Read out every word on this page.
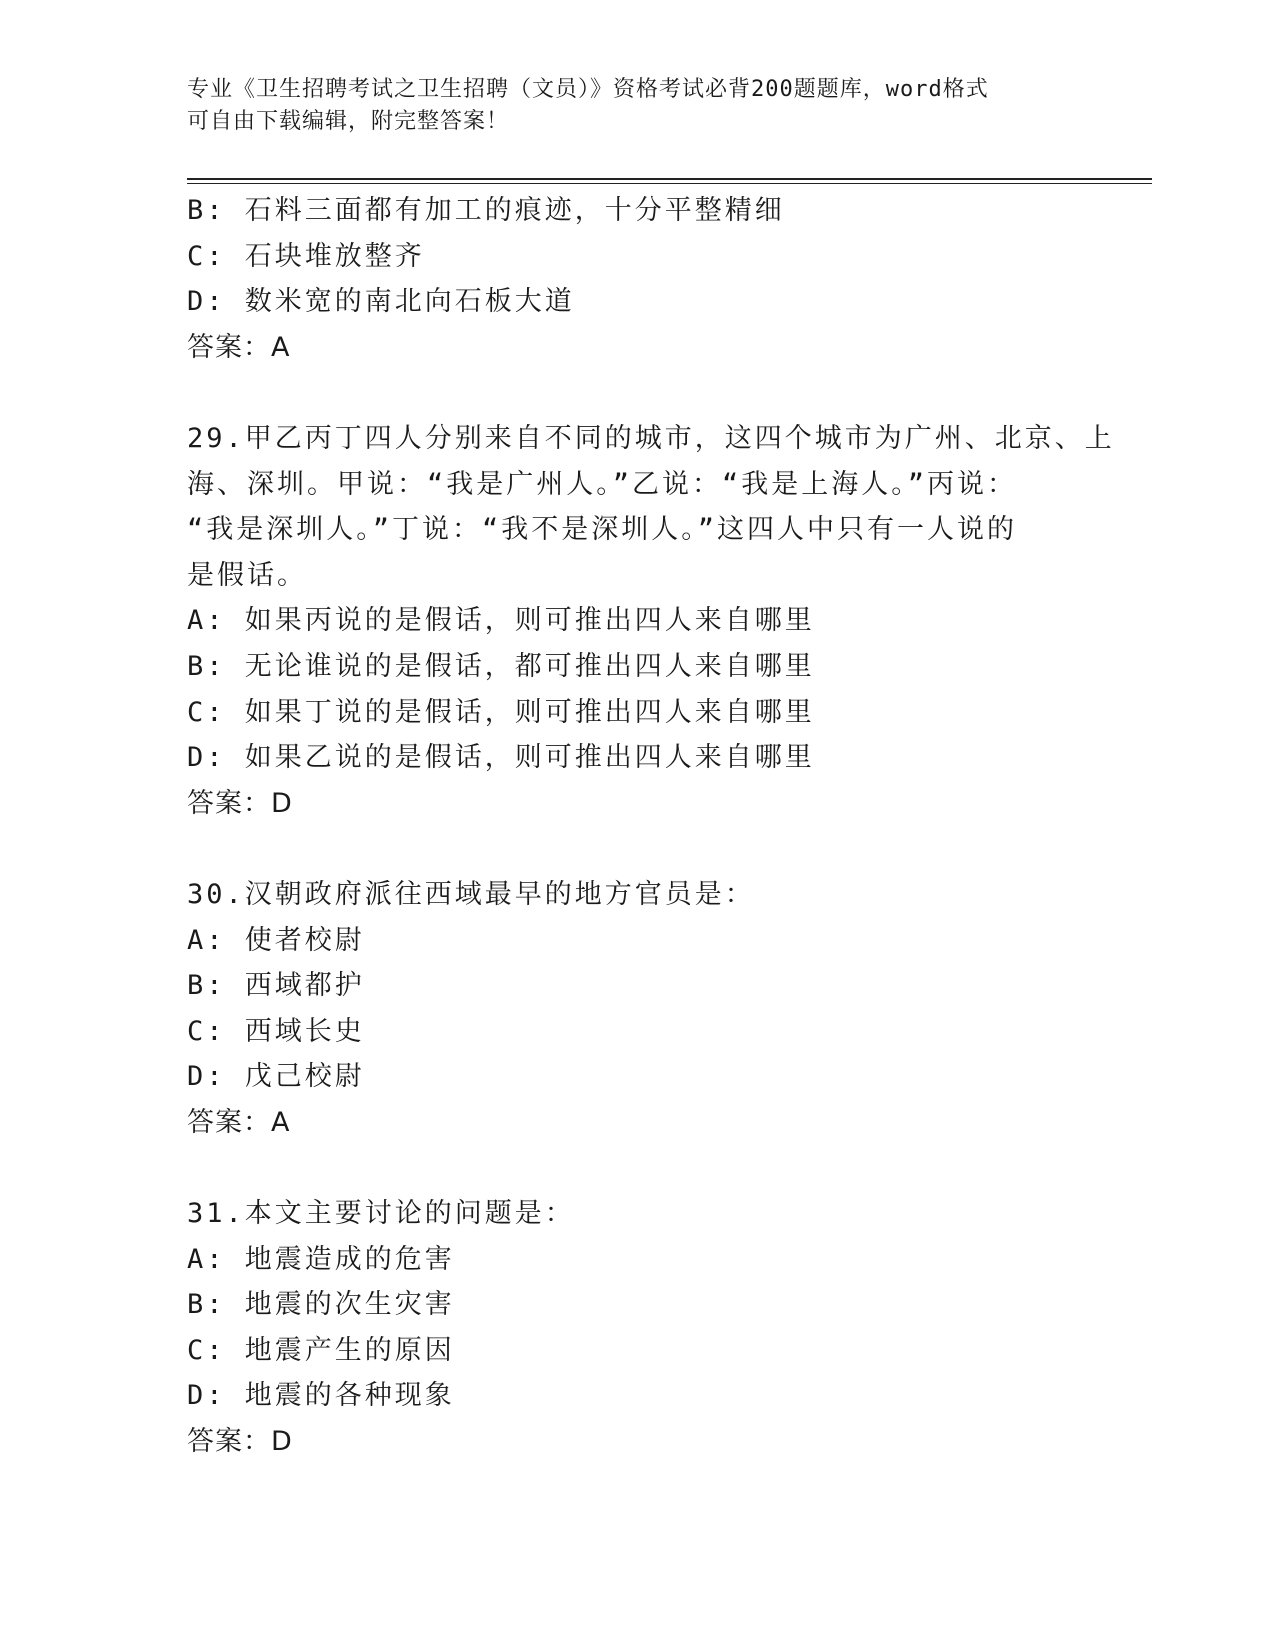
专业《卫生招聘考试之卫生招聘（文员）》资格考试必背200题题库，word格式
可自由下载编辑，附完整答案！
B: 石料三面都有加工的痕迹，十分平整精细
C: 石块堆放整齐
D: 数米宽的南北向石板大道
答案：A
29.甲乙丙丁四人分别来自不同的城市，这四个城市为广州、北京、上
海、深圳。甲说：“我是广州人。”乙说：“我是上海人。”丙说：
“我是深圳人。”丁说：“我不是深圳人。”这四人中只有一人说的
是假话。
A: 如果丙说的是假话，则可推出四人来自哪里
B: 无论谁说的是假话，都可推出四人来自哪里
C: 如果丁说的是假话，则可推出四人来自哪里
D: 如果乙说的是假话，则可推出四人来自哪里
答案：D
30.汉朝政府派往西域最早的地方官员是：
A: 使者校尉
B: 西域都护
C: 西域长史
D: 戊己校尉
答案：A
31.本文主要讨论的问题是：
A: 地震造成的危害
B: 地震的次生灾害
C: 地震产生的原因
D: 地震的各种现象
答案：D
